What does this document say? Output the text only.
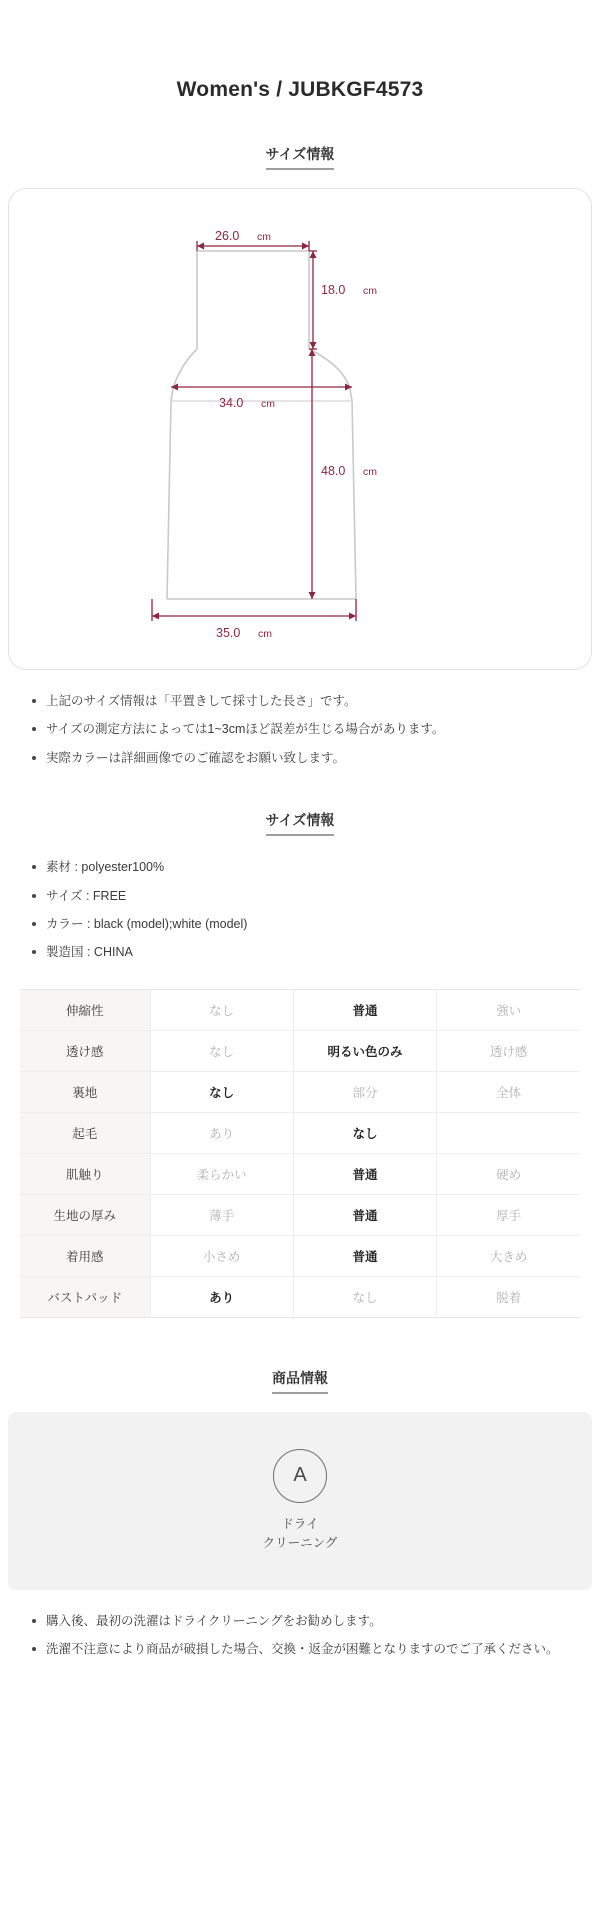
Women's / JUBKGF4573
サイズ情報
26.0 cm
18.0 cm
34.0 cm
48.0 cm
35.0 cm
上記のサイズ情報は「平置きして採寸した長さ」です。
サイズの測定方法によっては1~3cmほど誤差が生じる場合があります。
実際カラーは詳細画像でのご確認をお願い致します。
サイズ情報
素材 : polyester100%
サイズ : FREE
カラー : black (model);white (model)
製造国 : CHINA
伸縮性	なし	普通	強い
透け感	なし	明るい色のみ	透け感
裏地	なし	部分	全体
起毛	あり	なし	
肌触り	柔らかい	普通	硬め
生地の厚み	薄手	普通	厚手
着用感	小さめ	普通	大きめ
バストパッド	あり	なし	脱着
商品情報
A
ドライ
クリーニング
購入後、最初の洗濯はドライクリーニングをお勧めします。
洗濯不注意により商品が破損した場合、交換・返金が困難となりますのでご了承ください。
